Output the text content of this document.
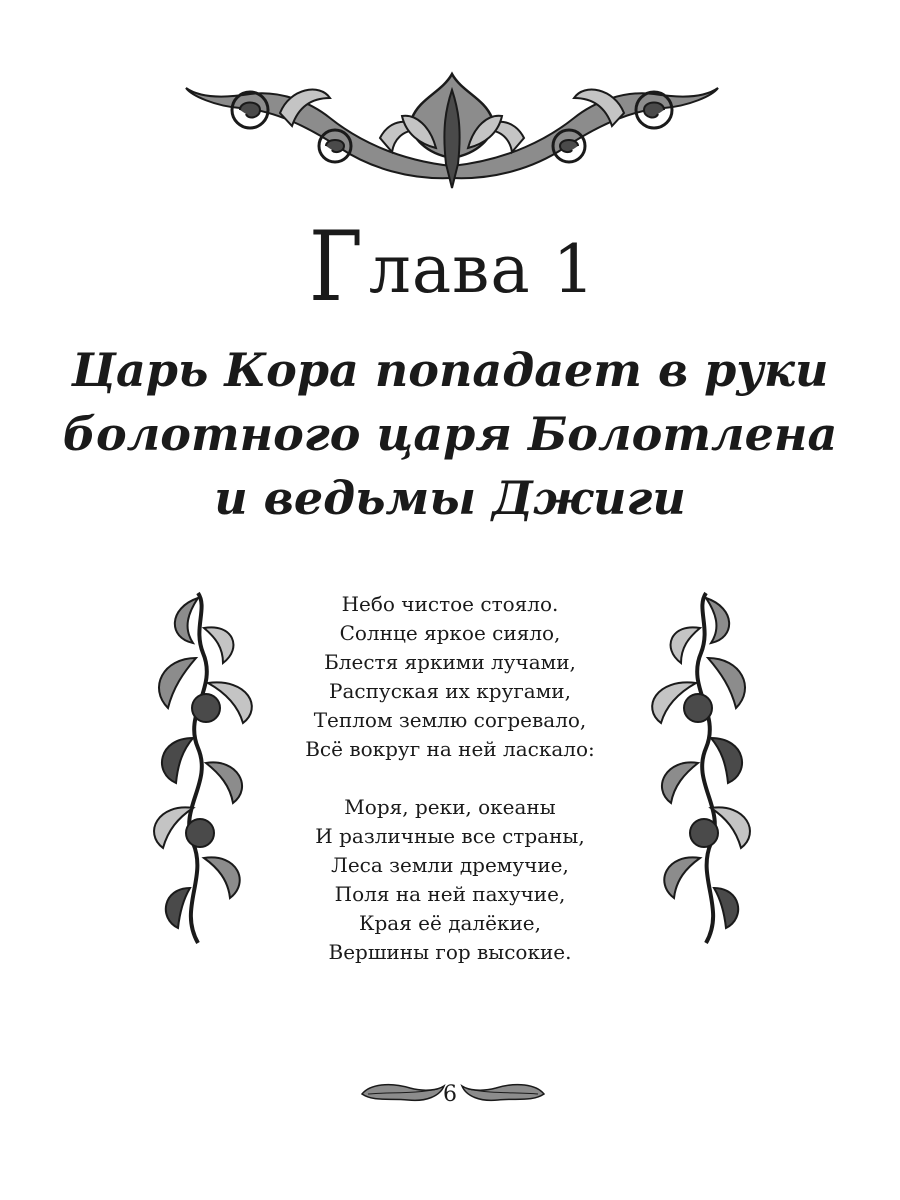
Глава 1
Царь Кора попадает в руки
болотного царя Болотлена
и ведьмы Джиги
Небо чистое стояло.
Солнце яркое сияло,
Блестя яркими лучами,
Распуская их кругами,
Теплом землю согревало,
Всё вокруг на ней ласкало:
Моря, реки, океаны
И различные все страны,
Леса земли дремучие,
Поля на ней пахучие,
Края её далёкие,
Вершины гор высокие.
6
